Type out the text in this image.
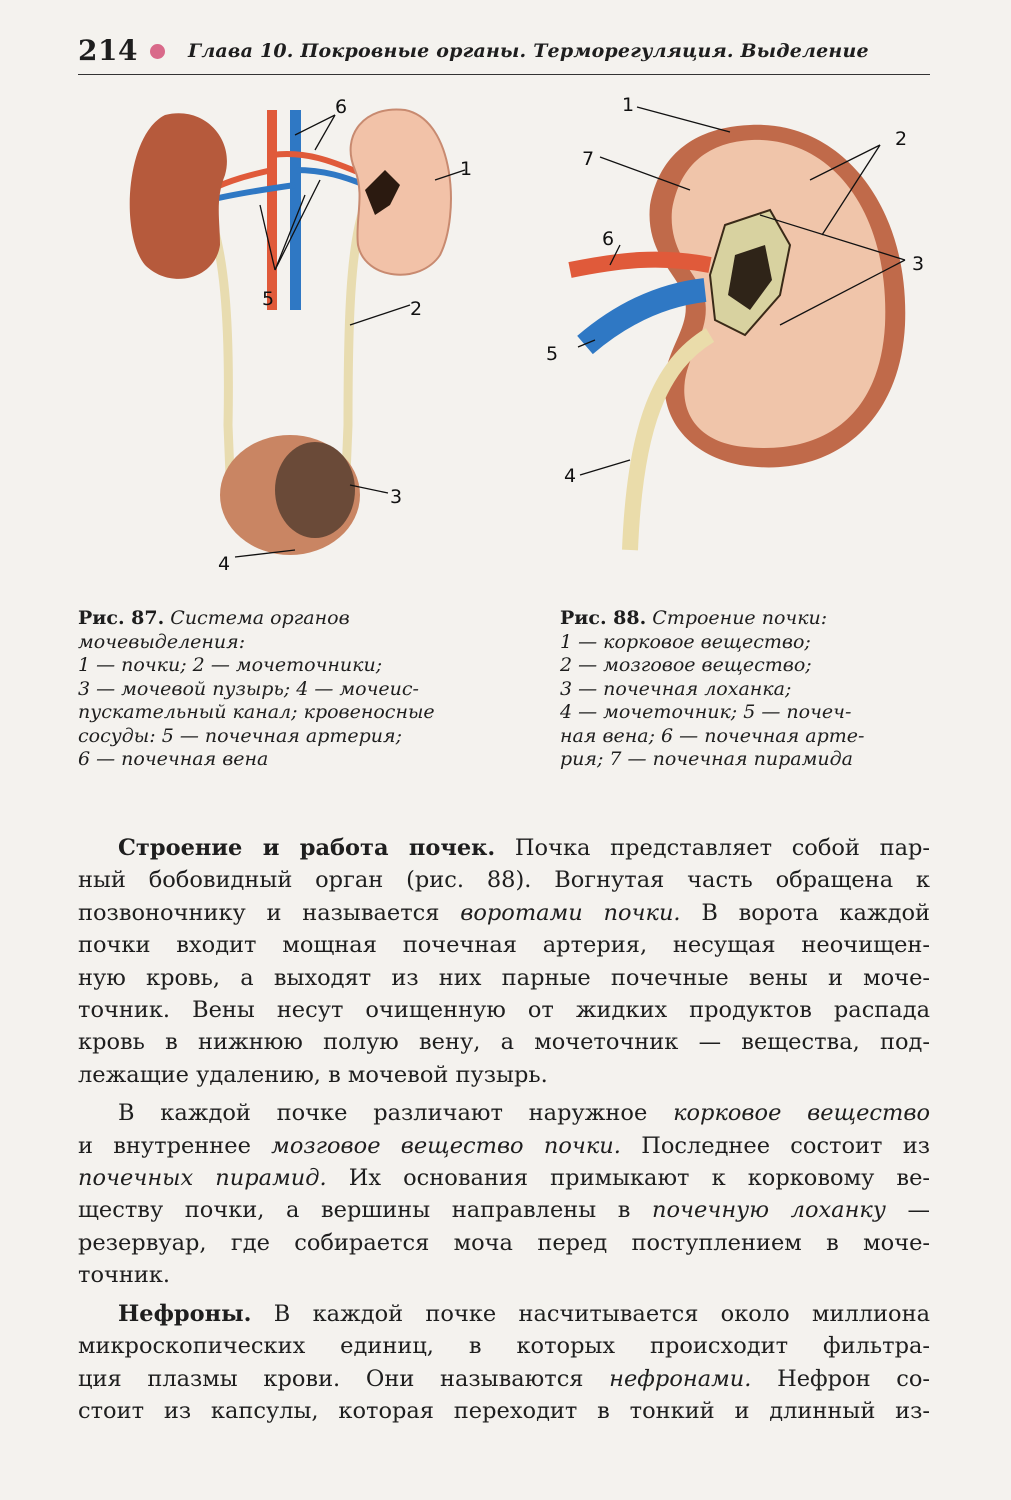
214	Глава 10. Покровные органы. Терморегуляция. Выделение
1
2
3
4
5
6	1
2
3
4
5
6
7
Рис. 87. Система органов
мочевыделения:
1 — почки; 2 — мочеточники;
3 — мочевой пузырь; 4 — мочеис-
пускательный канал; кровеносные
сосуды: 5 — почечная артерия;
6 — почечная вена
Рис. 88. Строение почки:
1 — корковое вещество;
2 — мозговое вещество;
3 — почечная лоханка;
4 — мочеточник; 5 — почеч-
ная вена; 6 — почечная арте-
рия; 7 — почечная пирамида
Строение и работа почек. Почка представляет собой пар-
ный бобовидный орган (рис. 88). Вогнутая часть обращена к
позвоночнику и называется воротами почки. В ворота каждой
почки входит мощная почечная артерия, несущая неочищен-
ную кровь, а выходят из них парные почечные вены и моче-
точник. Вены несут очищенную от жидких продуктов распада
кровь в нижнюю полую вену, а мочеточник — вещества, под-
лежащие удалению, в мочевой пузырь.
В каждой почке различают наружное корковое вещество
и внутреннее мозговое вещество почки. Последнее состоит из
почечных пирамид. Их основания примыкают к корковому ве-
ществу почки, а вершины направлены в почечную лоханку —
резервуар, где собирается моча перед поступлением в моче-
точник.
Нефроны. В каждой почке насчитывается около миллиона
микроскопических единиц, в которых происходит фильтра-
ция плазмы крови. Они называются нефронами. Нефрон со-
стоит из капсулы, которая переходит в тонкий и длинный из-
